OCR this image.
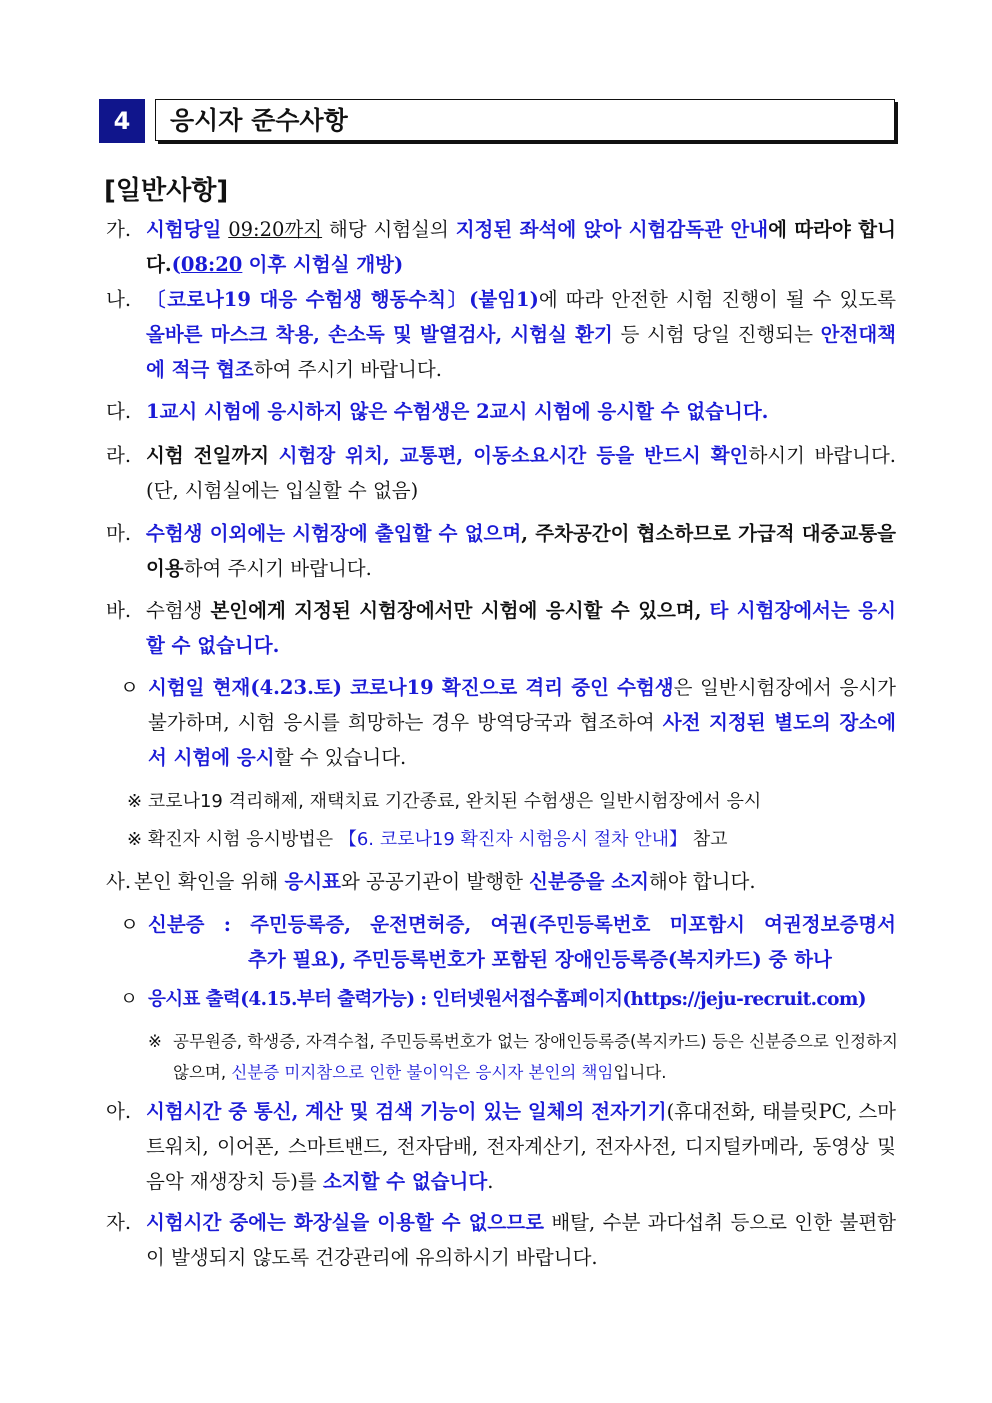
4	응시자 준수사항
[일반사항]
가. 시험당일 09:20까지 해당 시험실의 지정된 좌석에 앉아 시험감독관 안내에 따라야 합니다.(08:20 이후 시험실 개방)
나. 〔코로나19 대응 수험생 행동수칙〕(붙임1)에 따라 안전한 시험 진행이 될 수 있도록 올바른 마스크 착용, 손소독 및 발열검사, 시험실 환기 등 시험 당일 진행되는 안전대책에 적극 협조하여 주시기 바랍니다.
다. 1교시 시험에 응시하지 않은 수험생은 2교시 시험에 응시할 수 없습니다.
라. 시험 전일까지 시험장 위치, 교통편, 이동소요시간 등을 반드시 확인하시기 바랍니다. (단, 시험실에는 입실할 수 없음)
마. 수험생 이외에는 시험장에 출입할 수 없으며, 주차공간이 협소하므로 가급적 대중교통을 이용하여 주시기 바랍니다.
바. 수험생 본인에게 지정된 시험장에서만 시험에 응시할 수 있으며, 타 시험장에서는 응시할 수 없습니다.
ㅇ 시험일 현재(4.23.토) 코로나19 확진으로 격리 중인 수험생은 일반시험장에서 응시가 불가하며, 시험 응시를 희망하는 경우 방역당국과 협조하여 사전 지정된 별도의 장소에서 시험에 응시할 수 있습니다.
※ 코로나19 격리해제, 재택치료 기간종료, 완치된 수험생은 일반시험장에서 응시
※ 확진자 시험 응시방법은 【6. 코로나19 확진자 시험응시 절차 안내】 참고
사. 본인 확인을 위해 응시표와 공공기관이 발행한 신분증을 소지해야 합니다.
ㅇ 신분증 : 주민등록증, 운전면허증, 여권(주민등록번호 미포함시 여권정보증명서
추가 필요), 주민등록번호가 포함된 장애인등록증(복지카드) 중 하나
ㅇ 응시표 출력(4.15.부터 출력가능) : 인터넷원서접수홈페이지(https://jeju-recruit.com)
※ 공무원증, 학생증, 자격수첩, 주민등록번호가 없는 장애인등록증(복지카드) 등은 신분증으로 인정하지 않으며, 신분증 미지참으로 인한 불이익은 응시자 본인의 책임입니다.
아. 시험시간 중 통신, 계산 및 검색 기능이 있는 일체의 전자기기(휴대전화, 태블릿PC, 스마트워치, 이어폰, 스마트밴드, 전자담배, 전자계산기, 전자사전, 디지털카메라, 동영상 및 음악 재생장치 등)를 소지할 수 없습니다.
자. 시험시간 중에는 화장실을 이용할 수 없으므로 배탈, 수분 과다섭취 등으로 인한 불편함이 발생되지 않도록 건강관리에 유의하시기 바랍니다.
